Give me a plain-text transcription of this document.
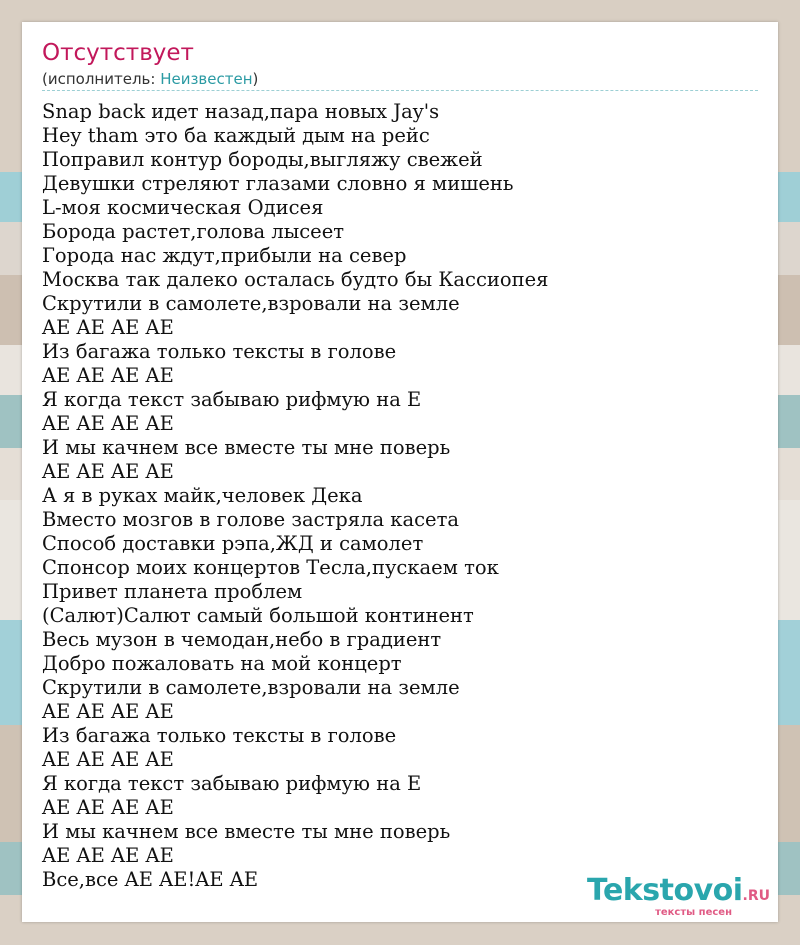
Отсутствует
(исполнитель: Неизвестен)
Snap back идет назад,пара новых Jay's
Hey tham это ба каждый дым на рейс
Поправил контур бороды,выгляжу свежей
Девушки стреляют глазами словно я мишень
L-моя космическая Одисея
Борода растет,голова лысеет
Города нас ждут,прибыли на север
Москва так далеко осталась будто бы Кассиопея
Скрутили в самолете,взровали на земле
AE AE AE AE
Из багажа только тексты в голове
AE AE AE AE
Я когда текст забываю рифмую на Е
AE AE AE AE
И мы качнем все вместе ты мне поверь
AE AE AE AE
А я в руках майк,человек Дека
Вместо мозгов в голове застряла касета
Способ доставки рэпа,ЖД и самолет
Спонсор моих концертов Тесла,пускаем ток
Привет планета проблем
(Салют)Салют самый большой континент
Весь музон в чемодан,небо в градиент
Добро пожаловать на мой концерт
Скрутили в самолете,взровали на земле
AE AE AE AE
Из багажа только тексты в голове
AE AE AE AE
Я когда текст забываю рифмую на Е
AE AE AE AE
И мы качнем все вместе ты мне поверь
AE AE AE AE
Все,все AE AE!AE AE	Tekstovoi.RU
тексты песен
